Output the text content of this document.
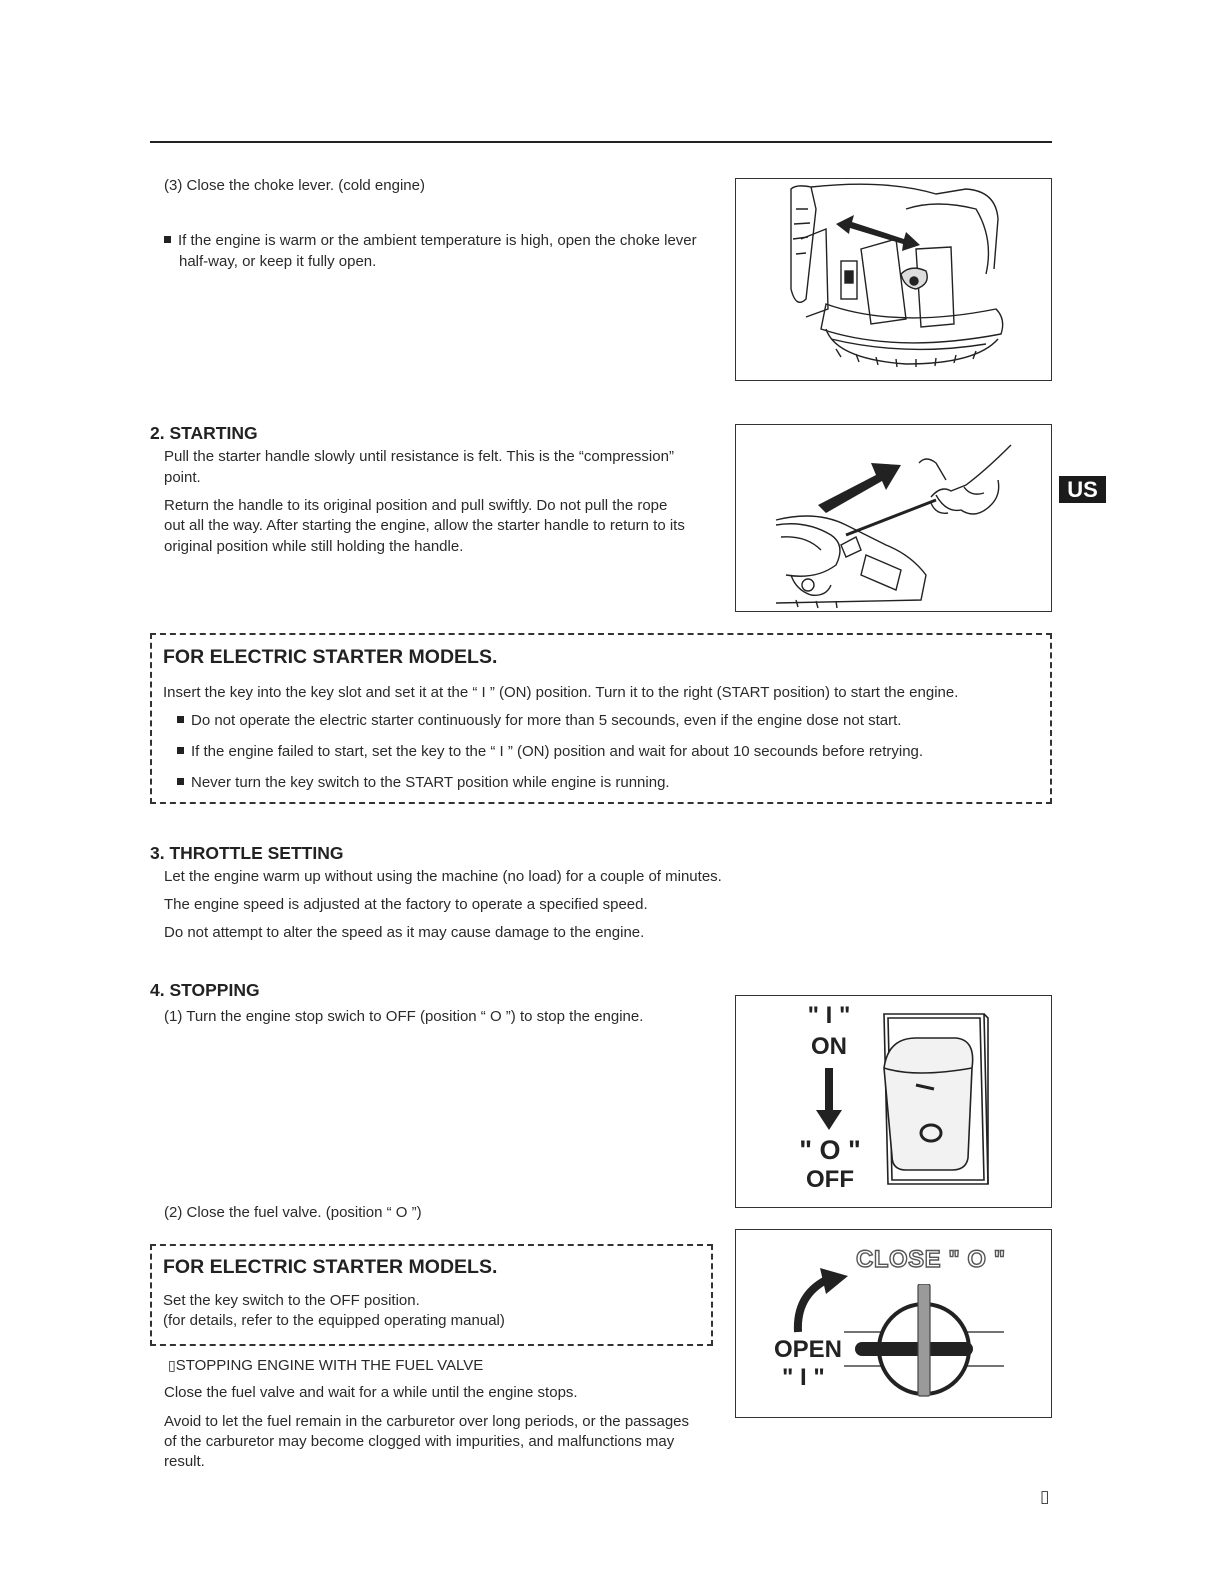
(3) Close the choke lever. (cold engine)
If the engine is warm or the ambient temperature is high, open the choke lever
half-way, or keep it fully open.
2. STARTING
Pull the starter handle slowly until resistance is felt. This is the “compression”
point.
Return the handle to its original position and pull swiftly. Do not pull the rope
out all the way. After starting the engine, allow the starter handle to return to its
original position while still holding the handle.
US
FOR ELECTRIC STARTER MODELS.
Insert the key into the key slot and set it at the “ I ” (ON) position. Turn it to the right (START position) to start the engine.
Do not operate the electric starter continuously for more than 5 secounds, even if the engine dose not start.
If the engine failed to start, set the key to the “ I ” (ON) position and wait for about 10 secounds before retrying.
Never turn the key switch to the START position while engine is running.
3. THROTTLE SETTING
Let the engine warm up without using the machine (no load) for a couple of minutes.
The engine speed is adjusted at the factory to operate a specified speed.
Do not attempt to alter the speed as it may cause damage to the engine.
4. STOPPING
(1) Turn the engine stop swich to OFF (position “ O ”) to stop the engine.	" I "
ON
" O "
OFF
(2) Close the fuel valve. (position “ O ”)
FOR ELECTRIC STARTER MODELS.
Set the key switch to the OFF position.
(for details, refer to the equipped operating manual)
▯STOPPING ENGINE WITH THE FUEL VALVE
Close the fuel valve and wait for a while until the engine stops.
Avoid to let the fuel remain in the carburetor over long periods, or the passages
of the carburetor may become clogged with impurities, and malfunctions may
result.
CLOSE " O "
OPEN
" I "
▯
